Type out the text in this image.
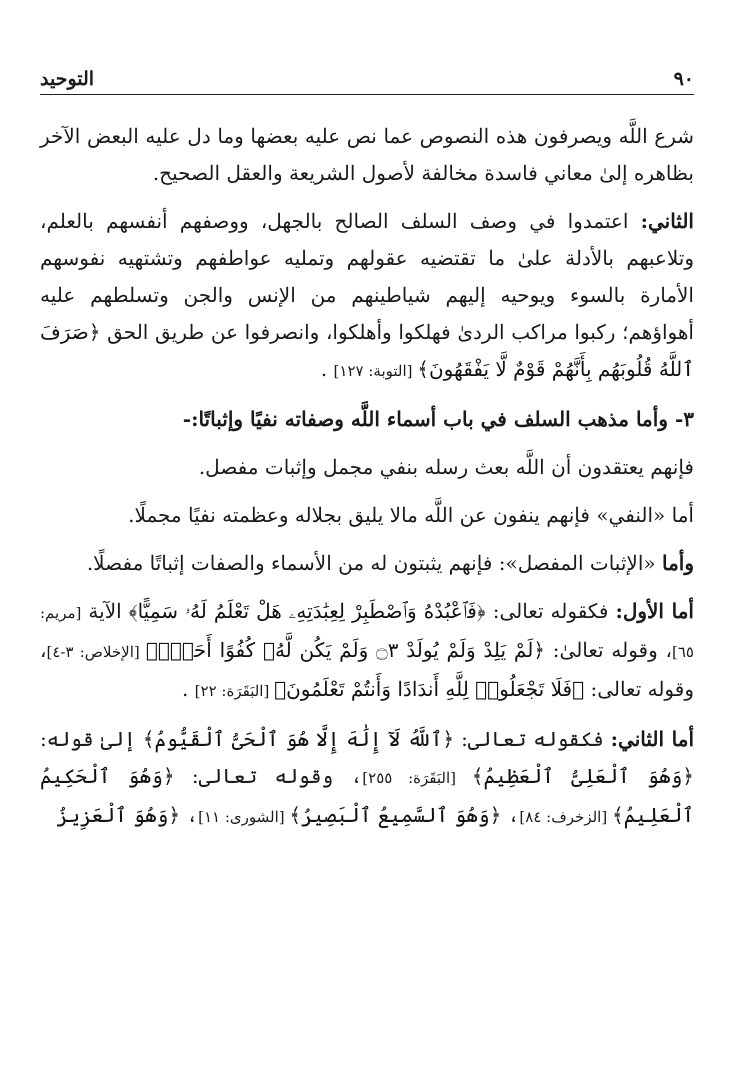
٩٠
التوحيد

شرع اللَّه ويصرفون هذه النصوص عما نص عليه بعضها وما دل عليه البعض الآخر بظاهره إلىٰ معاني فاسدة مخالفة لأصول الشريعة والعقل الصحيح.

الثاني: اعتمدوا في وصف السلف الصالح بالجهل، ووصفهم أنفسهم بالعلم، وتلاعبهم بالأدلة علىٰ ما تقتضيه عقولهم وتمليه عواطفهم وتشتهيه نفوسهم الأمارة بالسوء ويوحيه إليهم شياطينهم من الإنس والجن وتسلطهم عليه أهواؤهم؛ ركبوا مراكب الردىٰ فهلكوا وأهلكوا، وانصرفوا عن طريق الحق ﴿صَرَفَ ٱللَّهُ قُلُوبَهُم بِأَنَّهُمْ قَوْمٌ لَّا يَفْقَهُونَ﴾ [التوبة: ١٢٧] .

٣- وأما مذهب السلف في باب أسماء اللَّه وصفاته نفيًا وإثباتًا:-

فإنهم يعتقدون أن اللَّه بعث رسله بنفي مجمل وإثبات مفصل.

أما «النفي» فإنهم ينفون عن اللَّه مالا يليق بجلاله وعظمته نفيًا مجملًا.

وأما «الإثبات المفصل»: فإنهم يثبتون له من الأسماء والصفات إثباتًا مفصلًا.

أما الأول: فكقوله تعالى: ﴿فَٱعْبُدْهُ وَٱصْطَبِرْ لِعِبَٰدَتِهِۦ هَلْ تَعْلَمُ لَهُۥ سَمِيًّا﴾ الآية [مريم: ٦٥]، وقوله تعالىٰ: ﴿لَمْ يَلِدْ وَلَمْ يُولَدْ ۝٣ وَلَمْ يَكُن لَّهُۥ كُفُوًا أَحَدٌۢ﴾ [الإخلاص: ٣-٤]، وقوله تعالى: ﴿فَلَا تَجْعَلُوا۟ لِلَّهِ أَندَادًا وَأَنتُمْ تَعْلَمُونَ﴾ [البَقَرَة: ٢٢] .

أما الثاني: فكقوله تعالى: ﴿ٱللَّهُ لَآ إِلَٰهَ إِلَّا هُوَ ٱلْحَىُّ ٱلْقَيُّومُ﴾ إلىٰ قوله: ﴿وَهُوَ ٱلْعَلِىُّ ٱلْعَظِيمُ﴾ [البَقَرَة: ٢٥٥]، وقوله تعالى: ﴿وَهُوَ ٱلْحَكِيمُ ٱلْعَلِيمُ﴾ [الزخرف: ٨٤]، ﴿وَهُوَ ٱلسَّمِيعُ ٱلْبَصِيرُ﴾ [الشورى: ١١]، ﴿وَهُوَ ٱلْعَزِيزُ
